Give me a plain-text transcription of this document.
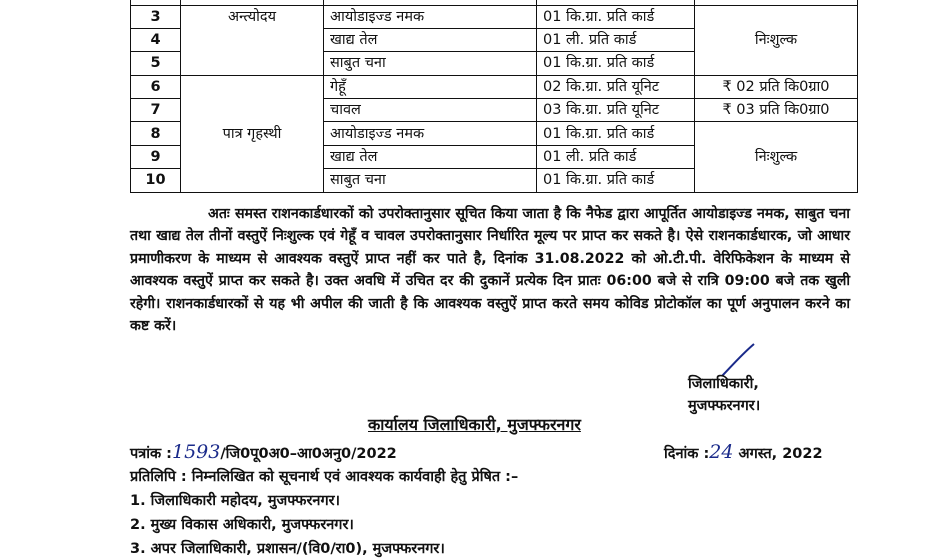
3	अन्त्योदय	आयोडाइज्ड नमक	01 कि.ग्रा. प्रति कार्ड	निःशुल्क
4		खाद्य तेल	01 ली. प्रति कार्ड	
5		साबुत चना	01 कि.ग्रा. प्रति कार्ड	
6	पात्र गृहस्थी	गेहूँ	02 कि.ग्रा. प्रति यूनिट	₹ 02 प्रति कि0ग्रा0
7		चावल	03 कि.ग्रा. प्रति यूनिट	₹ 03 प्रति कि0ग्रा0
8		आयोडाइज्ड नमक	01 कि.ग्रा. प्रति कार्ड	निःशुल्क
9		खाद्य तेल	01 ली. प्रति कार्ड	
10		साबुत चना	01 कि.ग्रा. प्रति कार्ड	

अतः समस्त राशनकार्डधारकों को उपरोक्तानुसार सूचित किया जाता है कि नैफेड द्वारा आपूर्तित आयोडाइज्ड नमक, साबुत चना तथा खाद्य तेल तीनों वस्तुऐं निःशुल्क एवं गेहूँ व चावल उपरोक्तानुसार निर्धारित मूल्य पर प्राप्त कर सकते है। ऐसे राशनकार्डधारक, जो आधार प्रमाणीकरण के माध्यम से आवश्यक वस्तुऐं प्राप्त नहीं कर पाते है, दिनांक 31.08.2022 को ओ.टी.पी. वेरिफिकेशन के माध्यम से आवश्यक वस्तुऐं प्राप्त कर सकते है। उक्त अवधि में उचित दर की दुकानें प्रत्येक दिन प्रातः 06:00 बजे से रात्रि 09:00 बजे तक खुली रहेगी। राशनकार्डधारकों से यह भी अपील की जाती है कि आवश्यक वस्तुऐं प्राप्त करते समय कोविड प्रोटोकॉल का पूर्ण अनुपालन करने का कष्ट करें।

जिलाधिकारी,
मुजफ्फरनगर।
कार्यालय जिलाधिकारी, मुजफ्फरनगर
पत्रांक :1593/जि0पू0अ0–आ0अनु0/2022	दिनांक :24 अगस्त, 2022
प्रतिलिपि : निम्नलिखित को सूचनार्थ एवं आवश्यक कार्यवाही हेतु प्रेषित :–
1. जिलाधिकारी महोदय, मुजफ्फरनगर।
2. मुख्य विकास अधिकारी, मुजफ्फरनगर।
3. अपर जिलाधिकारी, प्रशासन/(वि0/रा0), मुजफ्फरनगर।
